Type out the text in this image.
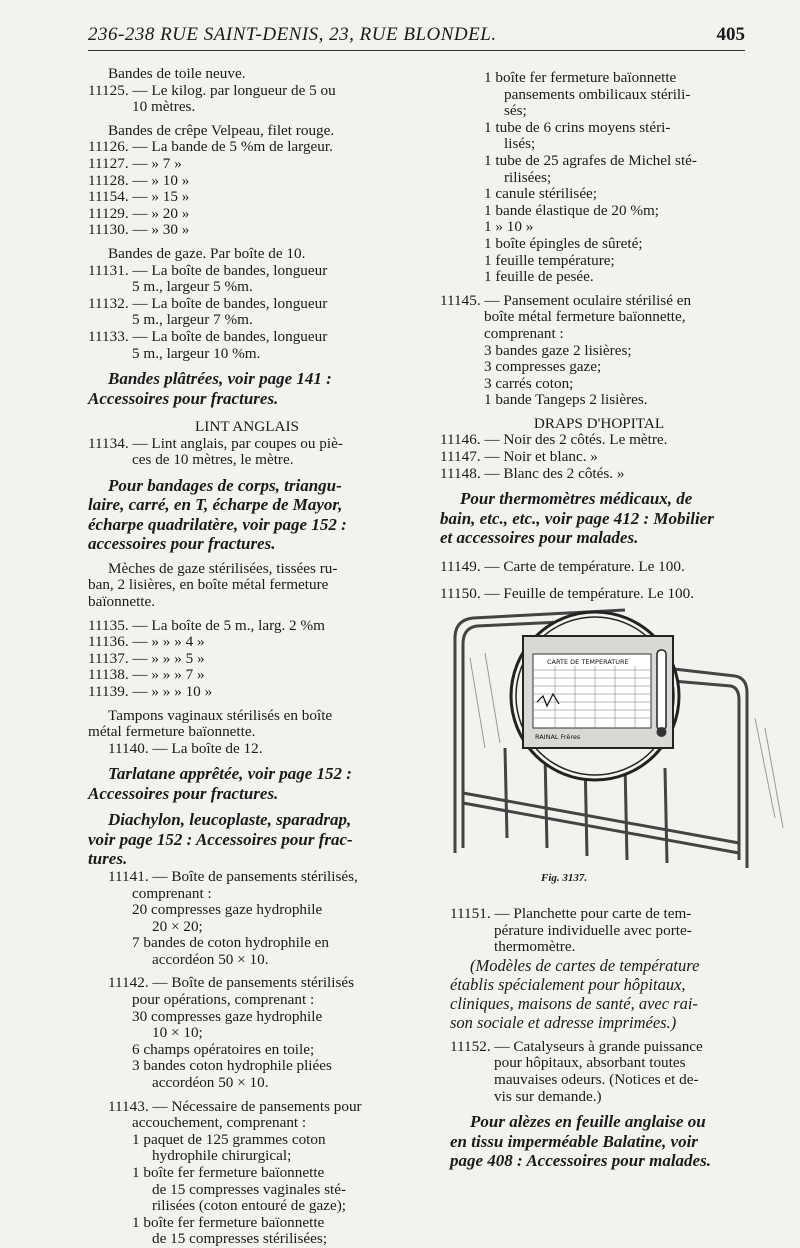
236-238 RUE SAINT-DENIS, 23, RUE BLONDEL.	405
Bandes de toile neuve.
11125. — Le kilog. par longueur de 5 ou
10 mètres.
Bandes de crêpe Velpeau, filet rouge.
11126. — La bande de 5 %m de largeur.
11127. — » 7 »
11128. — » 10 »
11154. — » 15 »
11129. — » 20 »
11130. — » 30 »
Bandes de gaze. Par boîte de 10.
11131. — La boîte de bandes, longueur
5 m., largeur 5 %m.
11132. — La boîte de bandes, longueur
5 m., largeur 7 %m.
11133. — La boîte de bandes, longueur
5 m., largeur 10 %m.
Bandes plâtrées, voir page 141 :
Accessoires pour fractures.
LINT ANGLAIS
11134. — Lint anglais, par coupes ou piè-
ces de 10 mètres, le mètre.
Pour bandages de corps, triangu-
laire, carré, en T, écharpe de Mayor,
écharpe quadrilatère, voir page 152 :
accessoires pour fractures.
Mèches de gaze stérilisées, tissées ru-
ban, 2 lisières, en boîte métal fermeture
baïonnette.
11135. — La boîte de 5 m., larg. 2 %m
11136. — » » » 4 »
11137. — » » » 5 »
11138. — » » » 7 »
11139. — » » » 10 »
Tampons vaginaux stérilisés en boîte
métal fermeture baïonnette.
11140. — La boîte de 12.
Tarlatane apprêtée, voir page 152 :
Accessoires pour fractures.
Diachylon, leucoplaste, sparadrap,
voir page 152 : Accessoires pour frac-
tures.
11141. — Boîte de pansements stérilisés,
comprenant :
20 compresses gaze hydrophile
20 × 20;
7 bandes de coton hydrophile en
accordéon 50 × 10.
11142. — Boîte de pansements stérilisés
pour opérations, comprenant :
30 compresses gaze hydrophile
10 × 10;
6 champs opératoires en toile;
3 bandes coton hydrophile pliées
accordéon 50 × 10.
11143. — Nécessaire de pansements pour
accouchement, comprenant :
1 paquet de 125 grammes coton
hydrophile chirurgical;
1 boîte fer fermeture baïonnette
de 15 compresses vaginales sté-
rilisées (coton entouré de gaze);
1 boîte fer fermeture baïonnette
de 15 compresses stérilisées;
1 boîte fer fermeture baïonnette
pansements ombilicaux stérili-
sés;
1 tube de 6 crins moyens stéri-
lisés;
1 tube de 25 agrafes de Michel sté-
rilisées;
1 canule stérilisée;
1 bande élastique de 20 %m;
1 » 10 »
1 boîte épingles de sûreté;
1 feuille température;
1 feuille de pesée.
11145. — Pansement oculaire stérilisé en
boîte métal fermeture baïonnette,
comprenant :
3 bandes gaze 2 lisières;
3 compresses gaze;
3 carrés coton;
1 bande Tangeps 2 lisières.
DRAPS D'HOPITAL
11146. — Noir des 2 côtés. Le mètre.
11147. — Noir et blanc. »
11148. — Blanc des 2 côtés. »
Pour thermomètres médicaux, de
bain, etc., etc., voir page 412 : Mobilier
et accessoires pour malades.
11149. — Carte de température. Le 100.
11150. — Feuille de température. Le 100.
CARTE DE TEMPERATURE
RAINAL Frères
Fig. 3137.
11151. — Planchette pour carte de tem-
pérature individuelle avec porte-
thermomètre.
(Modèles de cartes de température
établis spécialement pour hôpitaux,
cliniques, maisons de santé, avec rai-
son sociale et adresse imprimées.)
11152. — Catalyseurs à grande puissance
pour hôpitaux, absorbant toutes
mauvaises odeurs. (Notices et de-
vis sur demande.)
Pour alèzes en feuille anglaise ou
en tissu imperméable Balatine, voir
page 408 : Accessoires pour malades.
